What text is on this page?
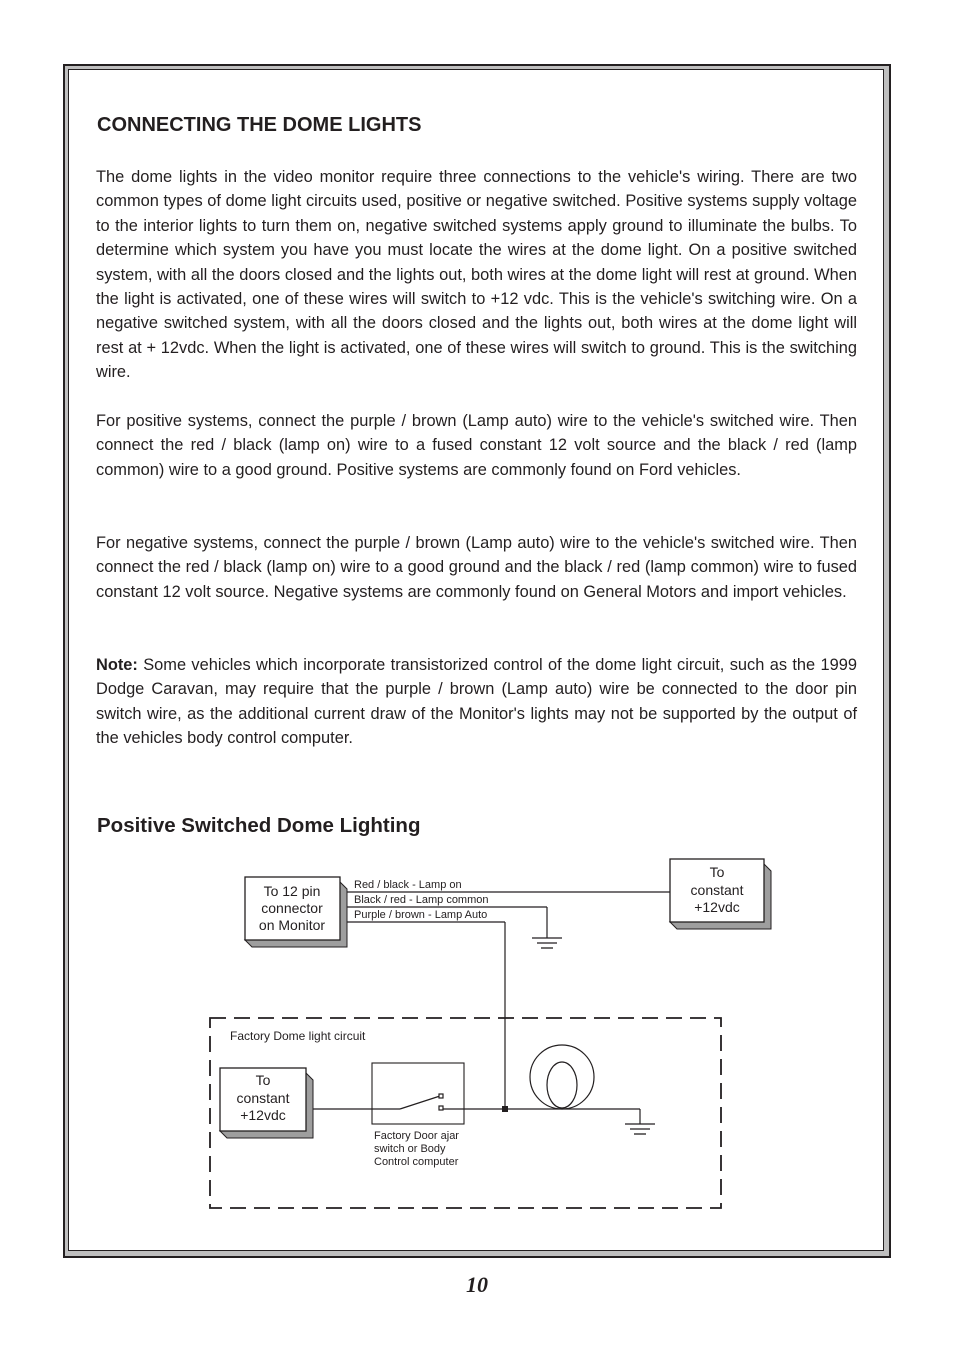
CONNECTING THE DOME LIGHTS

The dome lights in the video monitor require three connections to the vehicle's wiring. There are two common types of dome light circuits used, positive or negative switched. Positive systems supply voltage to the interior lights to turn them on, negative switched systems apply ground to illuminate the bulbs. To determine which system you have you must locate the wires at the dome light. On a positive switched system, with all the doors closed and the lights out, both wires at the dome light will rest at ground. When the light is activated, one of these wires will switch to +12 vdc. This is the vehicle's switching wire. On a negative switched system, with all the doors closed and the lights out, both wires at the dome light will rest at + 12vdc. When the light is activated, one of these wires will switch to ground. This is the switching wire.

For positive systems, connect the purple / brown (Lamp auto) wire to the vehicle's switched wire. Then connect the red / black (lamp on) wire to a fused constant 12 volt source and the black / red (lamp common) wire to a good ground. Positive systems are commonly found on Ford vehicles.

For negative systems, connect the purple / brown (Lamp auto) wire to the vehicle's switched wire. Then connect the red / black (lamp on) wire to a good ground and the black / red (lamp common) wire to fused constant 12 volt source. Negative systems are commonly found on General Motors and import vehicles.

Note: Some vehicles which incorporate transistorized control of the dome light circuit, such as the 1999 Dodge Caravan, may require that the purple / brown (Lamp auto) wire be connected to the door pin switch wire, as the additional current draw of the Monitor's lights may not be supported by the output of the vehicles body control computer.

Positive Switched Dome Lighting
To 12 pin
connector
on Monitor
To
constant
+12vdc
Red / black - Lamp on
Black / red - Lamp common
Purple / brown - Lamp Auto
Factory Dome light circuit
To
constant
+12vdc
Factory Door ajar
switch or Body
Control computer
10
